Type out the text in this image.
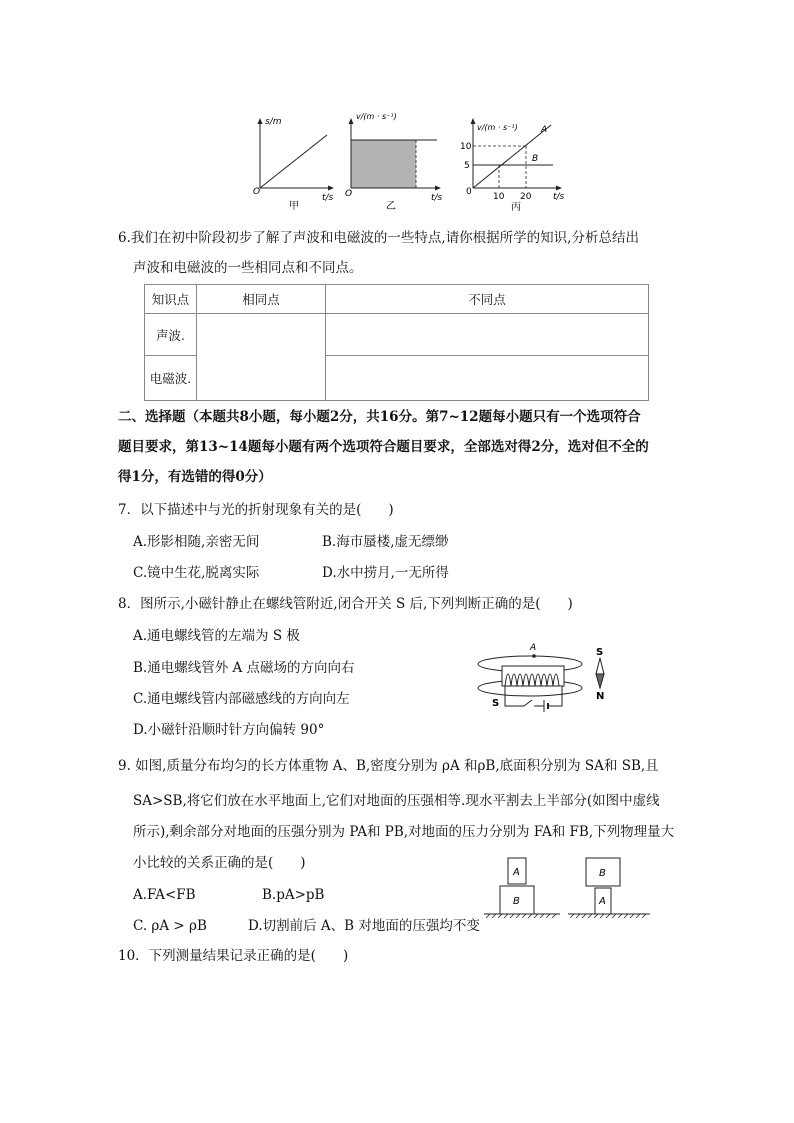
s/m
t/s
O
甲
v/(m · s⁻¹)
t/s
O
乙
v/(m · s⁻¹)	A
B
10
5
0 10 20 t/s
丙
6.我们在初中阶段初步了解了声波和电磁波的一些特点,请你根据所学的知识,分析总结出
声波和电磁波的一些相同点和不同点。
知识点	相同点	不同点
声波.		
电磁波.		
二、选择题（本题共8小题，每小题2分，共16分。第7~12题每小题只有一个选项符合
题目要求，第13~14题每小题有两个选项符合题目要求，全部选对得2分，选对但不全的
得1分，有选错的得0分）
7．以下描述中与光的折射现象有关的是(　　)
A.形影相随,亲密无间	B.海市蜃楼,虚无缥缈
C.镜中生花,脱离实际	D.水中捞月,一无所得
8．图所示,小磁针静止在螺线管附近,闭合开关 S 后,下列判断正确的是(　　)
A.通电螺线管的左端为 S 极
B.通电螺线管外 A 点磁场的方向向右
C.通电螺线管内部磁感线的方向向左
D.小磁针沿顺时针方向偏转 90°
A
S
S
N
9. 如图,质量分布均匀的长方体重物 A、B,密度分别为 ρA 和ρB,底面积分别为 SA和 SB,且
SA>SB,将它们放在水平地面上,它们对地面的压强相等.现水平割去上半部分(如图中虚线
所示),剩余部分对地面的压强分别为 PA和 PB,对地面的压力分别为 FA和 FB,下列物理量大
小比较的关系正确的是(　　)
A.FA<FB	B.pA>pB
C. ρA > ρB	D.切割前后 A、B 对地面的压强均不变
A
B
B
A
10．下列测量结果记录正确的是(　　)
